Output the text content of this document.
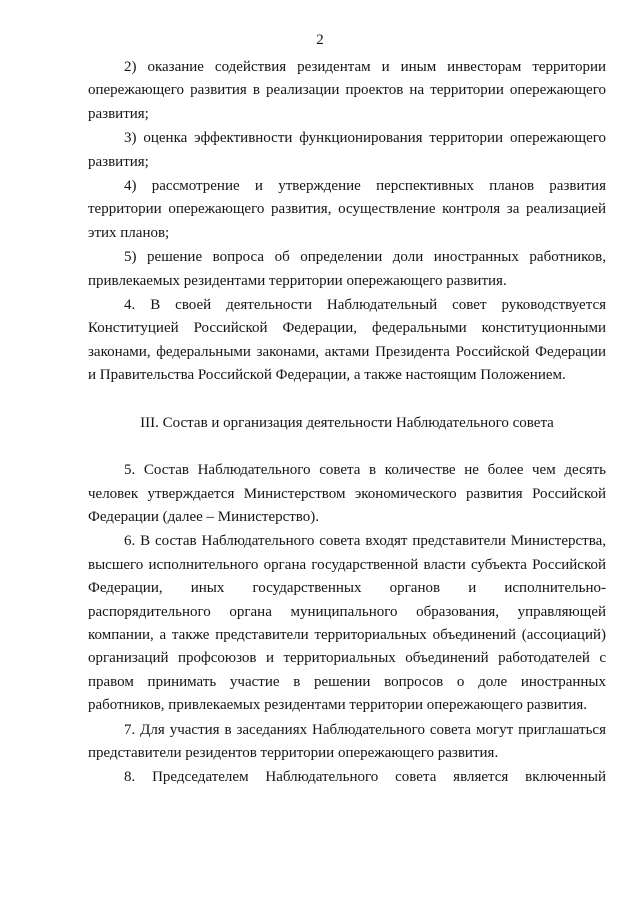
2

2) оказание содействия резидентам и иным инвесторам территории опережающего развития в реализации проектов на территории опережающего развития;

3) оценка эффективности функционирования территории опережающего развития;

4) рассмотрение и утверждение перспективных планов развития территории опережающего развития, осуществление контроля за реализацией этих планов;

5) решение вопроса об определении доли иностранных работников, привлекаемых резидентами территории опережающего развития.

4. В своей деятельности Наблюдательный совет руководствуется Конституцией Российской Федерации, федеральными конституционными законами, федеральными законами, актами Президента Российской Федерации и Правительства Российской Федерации, а также настоящим Положением.

III. Состав и организация деятельности Наблюдательного совета

5. Состав Наблюдательного совета в количестве не более чем десять человек утверждается Министерством экономического развития Российской Федерации (далее – Министерство).

6. В состав Наблюдательного совета входят представители Министерства, высшего исполнительного органа государственной власти субъекта Российской Федерации, иных государственных органов и исполнительно-распорядительного органа муниципального образования, управляющей компании, а также представители территориальных объединений (ассоциаций) организаций профсоюзов и территориальных объединений работодателей с правом принимать участие в решении вопросов о доле иностранных работников, привлекаемых резидентами территории опережающего развития.

7. Для участия в заседаниях Наблюдательного совета могут приглашаться представители резидентов территории опережающего развития.

8. Председателем Наблюдательного совета является включенный
